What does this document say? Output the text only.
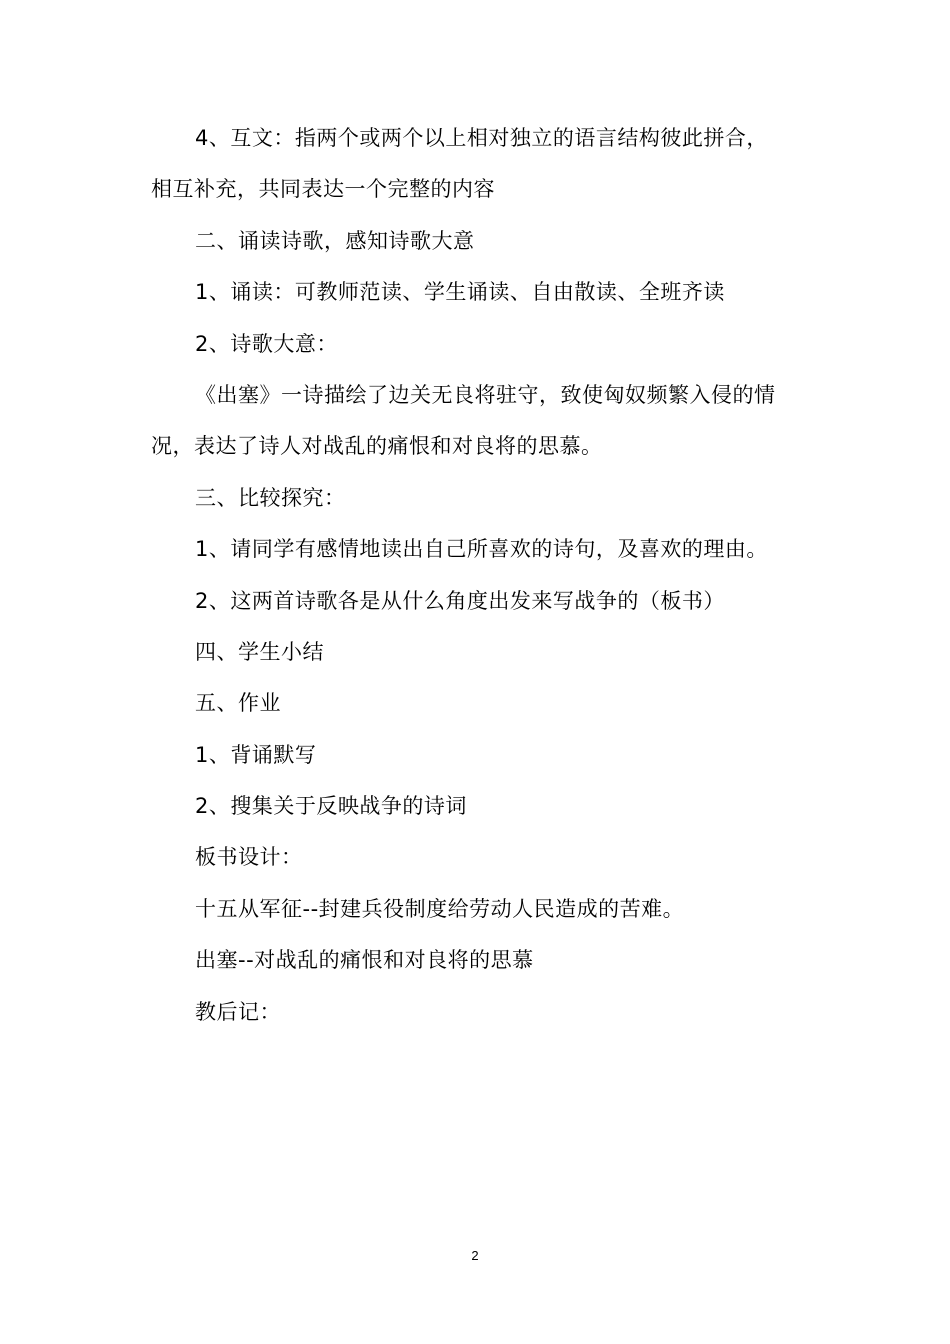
4、互文：指两个或两个以上相对独立的语言结构彼此拼合，
相互补充，共同表达一个完整的内容
二、诵读诗歌，感知诗歌大意
1、诵读：可教师范读、学生诵读、自由散读、全班齐读
2、诗歌大意：
《出塞》一诗描绘了边关无良将驻守，致使匈奴频繁入侵的情
况，表达了诗人对战乱的痛恨和对良将的思慕。
三、比较探究：
1、请同学有感情地读出自己所喜欢的诗句，及喜欢的理由。
2、这两首诗歌各是从什么角度出发来写战争的（板书）
四、学生小结
五、作业
1、背诵默写
2、搜集关于反映战争的诗词
板书设计：
十五从军征--封建兵役制度给劳动人民造成的苦难。
出塞--对战乱的痛恨和对良将的思慕
教后记：
2
